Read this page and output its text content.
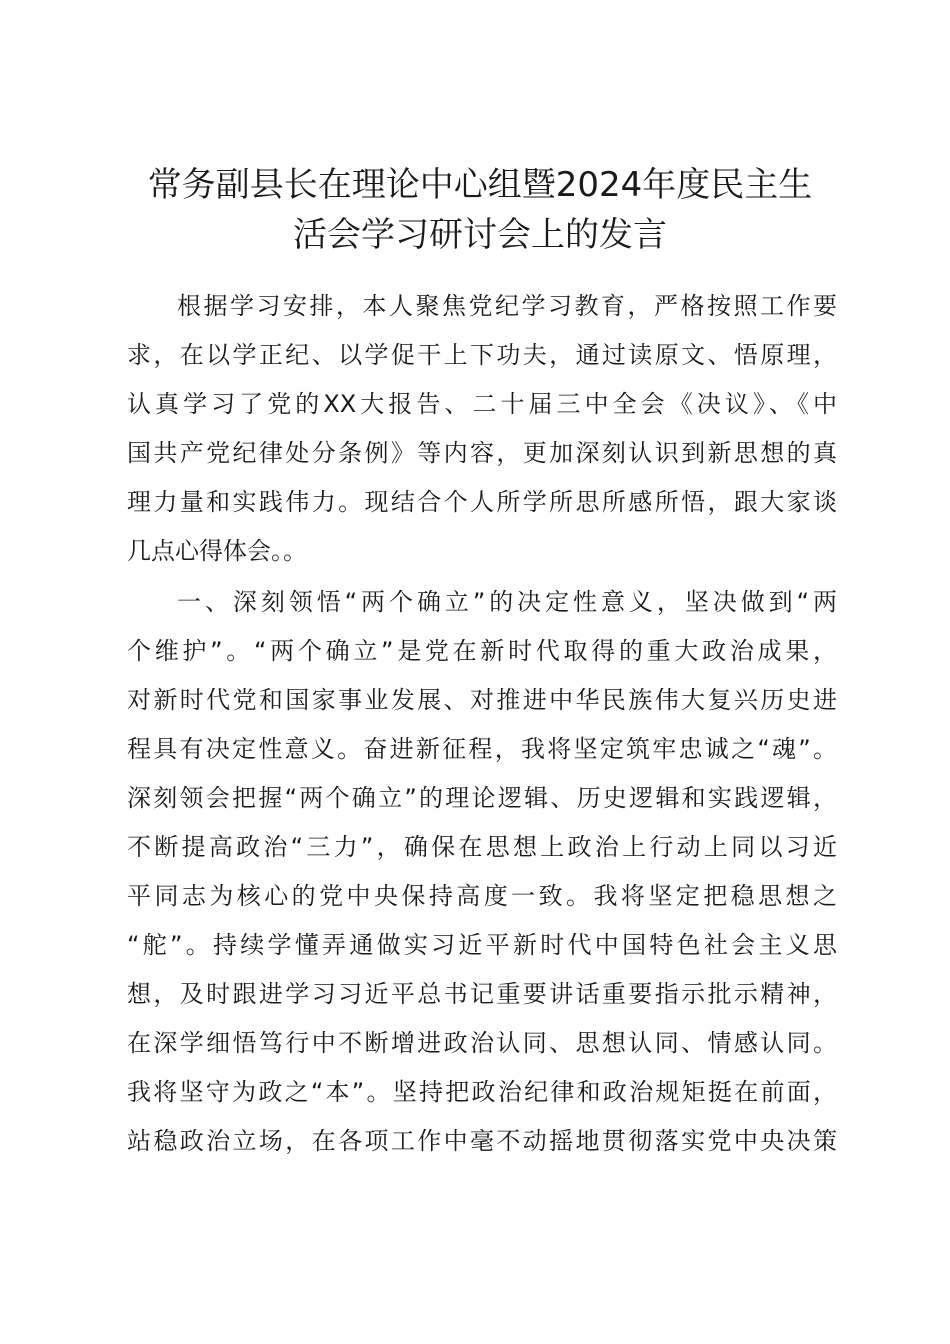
常务副县长在理论中心组暨2024年度民主生
活会学习研讨会上的发言
根据学习安排，本人聚焦党纪学习教育，严格按照工作要
求，在以学正纪、以学促干上下功夫，通过读原文、悟原理，
认真学习了党的XX大报告、二十届三中全会《决议》、《中
国共产党纪律处分条例》等内容，更加深刻认识到新思想的真
理力量和实践伟力。现结合个人所学所思所感所悟，跟大家谈
几点心得体会。。
一、深刻领悟“两个确立”的决定性意义，坚决做到“两
个维护”。“两个确立”是党在新时代取得的重大政治成果，
对新时代党和国家事业发展、对推进中华民族伟大复兴历史进
程具有决定性意义。奋进新征程，我将坚定筑牢忠诚之“魂”。
深刻领会把握“两个确立”的理论逻辑、历史逻辑和实践逻辑，
不断提高政治“三力”，确保在思想上政治上行动上同以习近
平同志为核心的党中央保持高度一致。我将坚定把稳思想之
“舵”。持续学懂弄通做实习近平新时代中国特色社会主义思
想，及时跟进学习习近平总书记重要讲话重要指示批示精神，
在深学细悟笃行中不断增进政治认同、思想认同、情感认同。
我将坚守为政之“本”。坚持把政治纪律和政治规矩挺在前面，
站稳政治立场，在各项工作中毫不动摇地贯彻落实党中央决策
